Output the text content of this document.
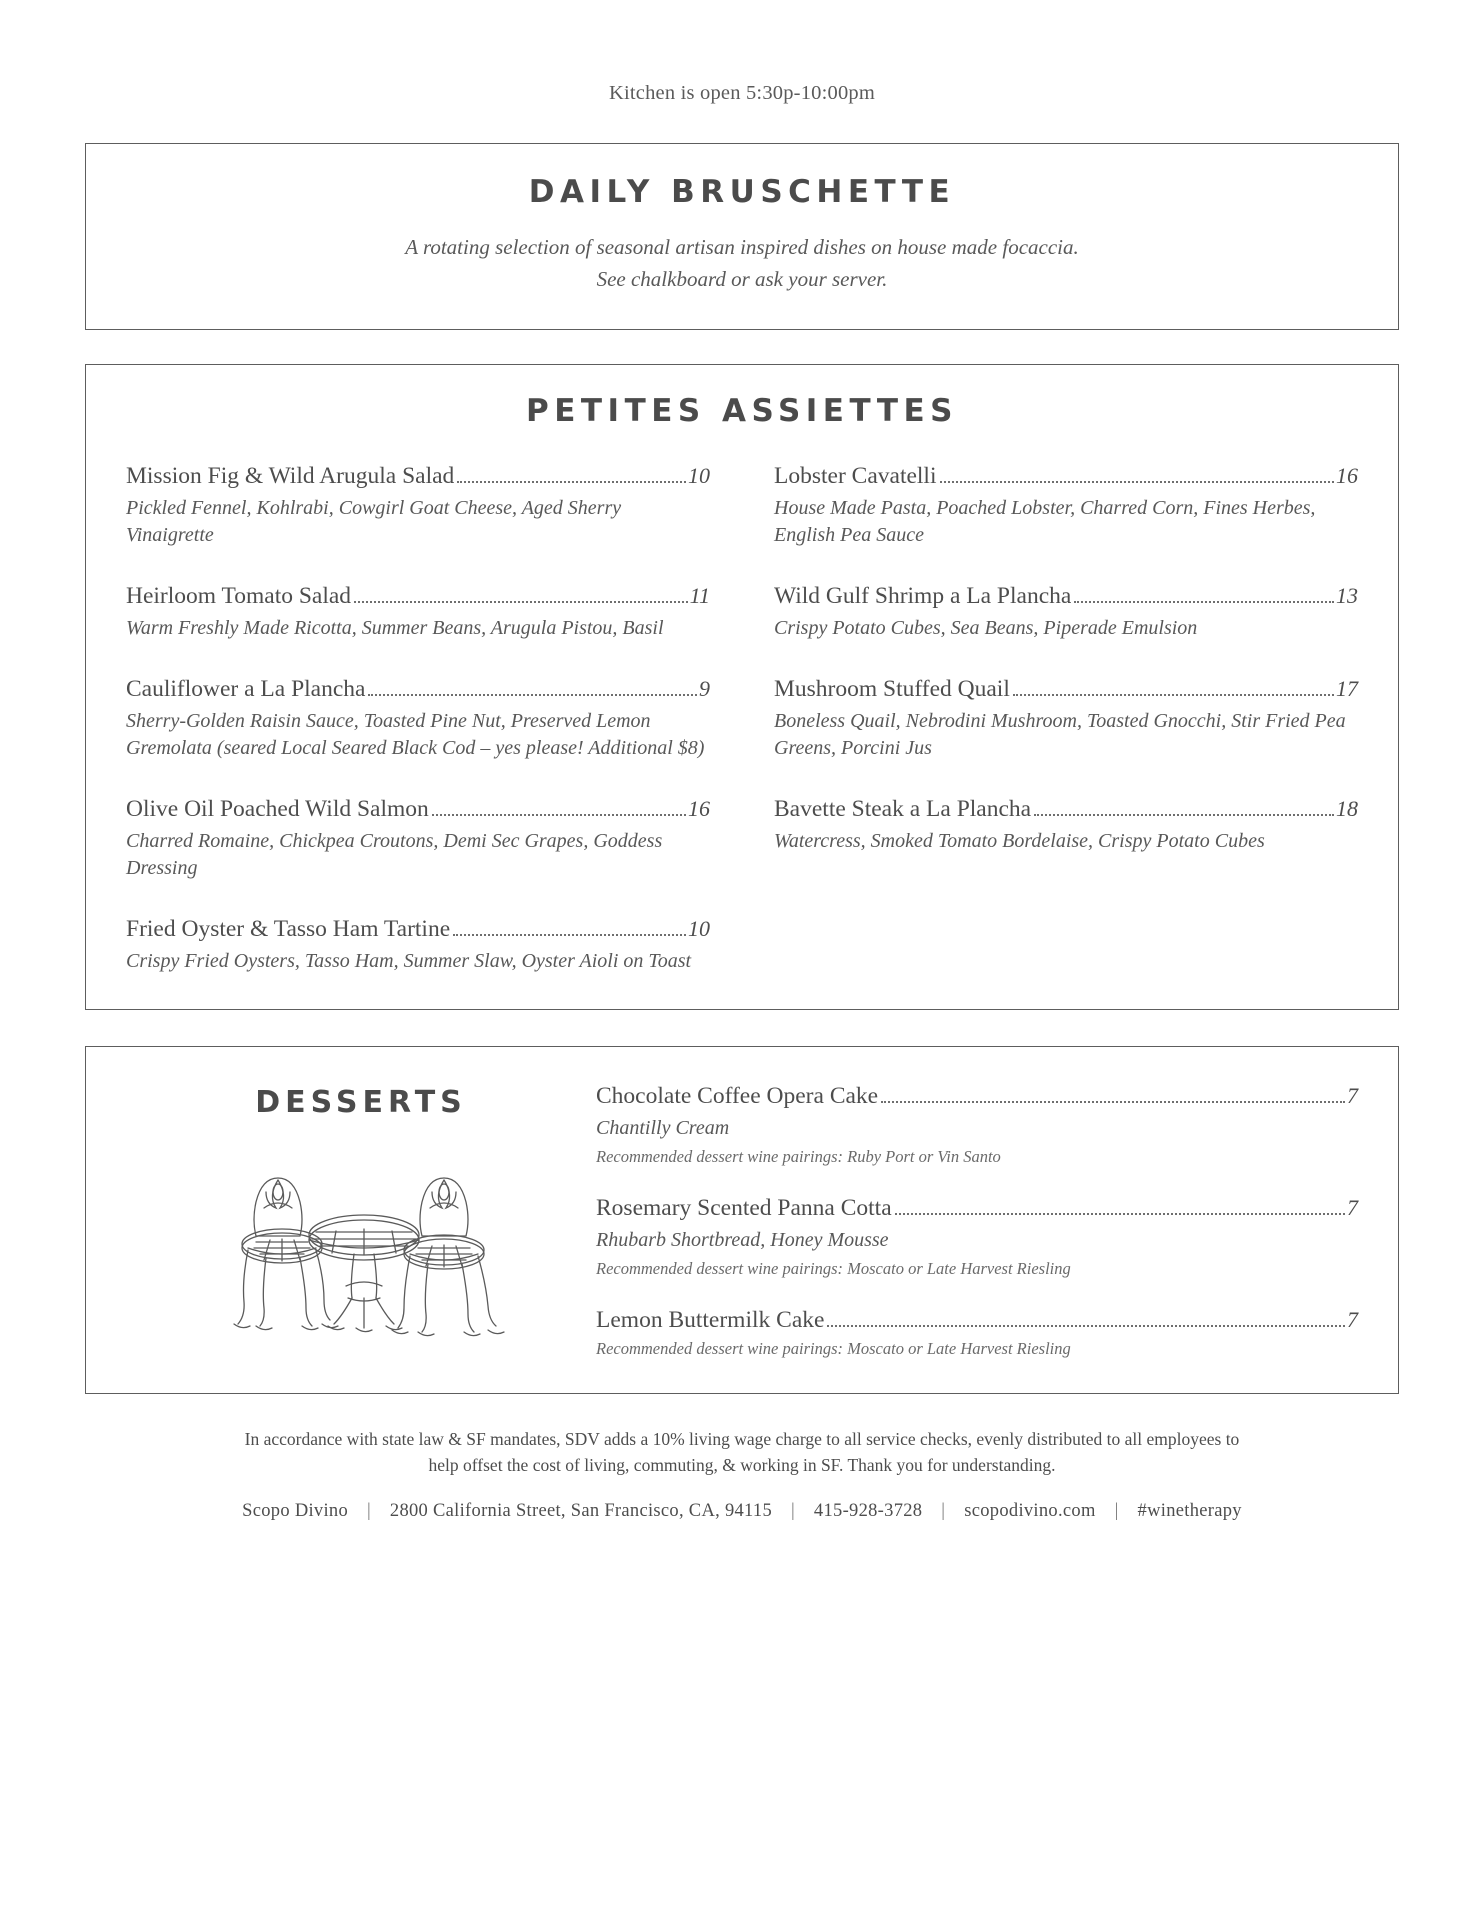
Kitchen is open 5:30p-10:00pm
DAILY BRUSCHETTE
A rotating selection of seasonal artisan inspired dishes on house made focaccia.
See chalkboard or ask your server.
PETITES ASSIETTES
Mission Fig & Wild Arugula Salad	10
Pickled Fennel, Kohlrabi, Cowgirl Goat Cheese, Aged Sherry Vinaigrette
Heirloom Tomato Salad	11
Warm Freshly Made Ricotta, Summer Beans, Arugula Pistou, Basil
Cauliflower a La Plancha	9
Sherry-Golden Raisin Sauce, Toasted Pine Nut, Preserved Lemon Gremolata (seared Local Seared Black Cod – yes please! Additional $8)
Olive Oil Poached Wild Salmon	16
Charred Romaine, Chickpea Croutons, Demi Sec Grapes, Goddess Dressing
Fried Oyster & Tasso Ham Tartine	10
Crispy Fried Oysters, Tasso Ham, Summer Slaw, Oyster Aioli on Toast
Lobster Cavatelli	16
House Made Pasta, Poached Lobster, Charred Corn, Fines Herbes, English Pea Sauce
Wild Gulf Shrimp a La Plancha	13
Crispy Potato Cubes, Sea Beans, Piperade Emulsion
Mushroom Stuffed Quail	17
Boneless Quail, Nebrodini Mushroom, Toasted Gnocchi, Stir Fried Pea Greens, Porcini Jus
Bavette Steak a La Plancha	18
Watercress, Smoked Tomato Bordelaise, Crispy Potato Cubes
DESSERTS	Chocolate Coffee Opera Cake	7
Chantilly Cream
Recommended dessert wine pairings: Ruby Port or Vin Santo
Rosemary Scented Panna Cotta	7
Rhubarb Shortbread, Honey Mousse
Recommended dessert wine pairings: Moscato or Late Harvest Riesling
Lemon Buttermilk Cake	7
Recommended dessert wine pairings: Moscato or Late Harvest Riesling
In accordance with state law & SF mandates, SDV adds a 10% living wage charge to all service checks, evenly distributed to all employees to
help offset the cost of living, commuting, & working in SF. Thank you for understanding.
Scopo Divino | 2800 California Street, San Francisco, CA, 94115 | 415-928-3728 | scopodivino.com | #winetherapy
